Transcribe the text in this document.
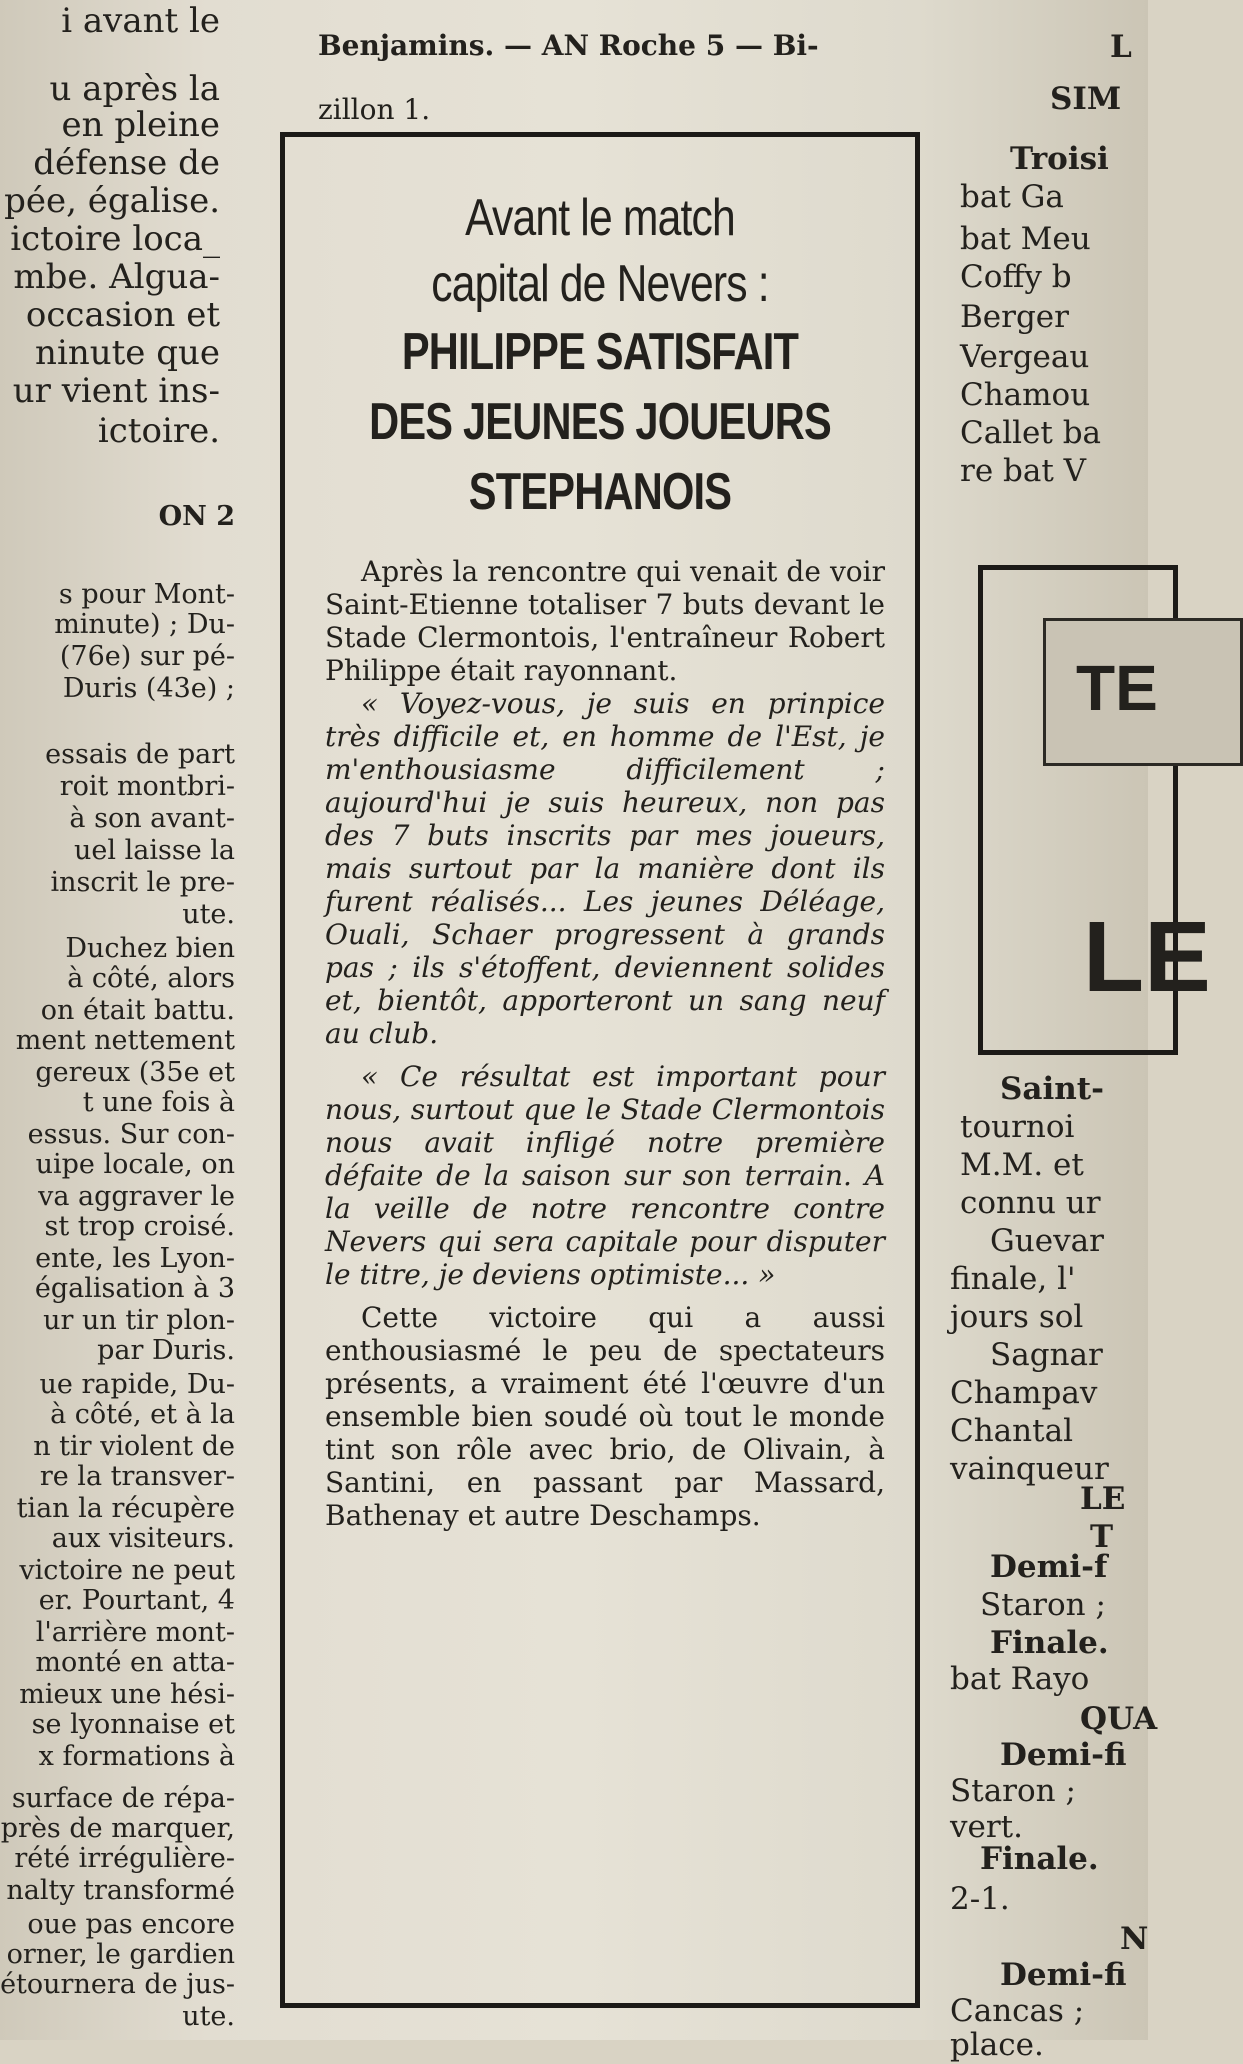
i avant le
u après la
en pleine
défense de
pée, égalise.
ictoire loca_
mbe. Algua-
occasion et
ninute que
ur vient ins-
ictoire.
ON 2
s pour Mont-
minute) ; Du-
(76e) sur pé-
Duris (43e) ;
essais de part
roit montbri-
à son avant-
uel laisse la
inscrit le pre-
ute.
Duchez bien
à côté, alors
on était battu.
ment nettement
gereux (35e et
t une fois à
essus. Sur con-
uipe locale, on
va aggraver le
st trop croisé.
ente, les Lyon-
égalisation à 3
ur un tir plon-
par Duris.
ue rapide, Du-
à côté, et à la
n tir violent de
re la transver-
tian la récupère
aux visiteurs.
victoire ne peut
er. Pourtant, 4
l'arrière mont-
monté en atta-
mieux une hési-
se lyonnaise et
x formations à
surface de répa-
près de marquer,
rété irrégulière-
nalty transformé
oue pas encore
orner, le gardien
étournera de jus-
ute.

Benjamins. — AN Roche 5 — Bi-

zillon 1.

Avant le match
capital de Nevers :
PHILIPPE SATISFAIT
DES JEUNES JOUEURS
STEPHANOIS

Après la rencontre qui venait de voir Saint-Etienne totaliser 7 buts devant le Stade Clermontois, l'entraîneur Robert Philippe était rayonnant.

« Voyez-vous, je suis en prinpice très difficile et, en homme de l'Est, je m'enthousiasme difficilement ; aujourd'hui je suis heureux, non pas des 7 buts inscrits par mes joueurs, mais surtout par la manière dont ils furent réalisés... Les jeunes Déléage, Ouali, Schaer progressent à grands pas ; ils s'étoffent, deviennent solides et, bientôt, apporteront un sang neuf au club.

« Ce résultat est important pour nous, surtout que le Stade Clermontois nous avait infligé notre première défaite de la saison sur son terrain. A la veille de notre rencontre contre Nevers qui sera capitale pour disputer le titre, je deviens optimiste... »

Cette victoire qui a aussi enthousiasmé le peu de spectateurs présents, a vraiment été l'œuvre d'un ensemble bien soudé où tout le monde tint son rôle avec brio, de Olivain, à Santini, en passant par Massard, Bathenay et autre Deschamps.

L
SIM
Troisi
bat Ga
bat Meu
Coffy b
Berger
Vergeau
Chamou
Callet ba
re bat V
Saint-
tournoi
M.M. et
connu ur
Guevar
finale, l'
jours sol
Sagnar
Champav
Chantal
vainqueur
LE
T
Demi-f
Staron ;
Finale.
bat Rayo
QUA
Demi-fi
Staron ;
vert.
Finale.
2-1.
N
Demi-fi
Cancas ;
place.
TE
LE
